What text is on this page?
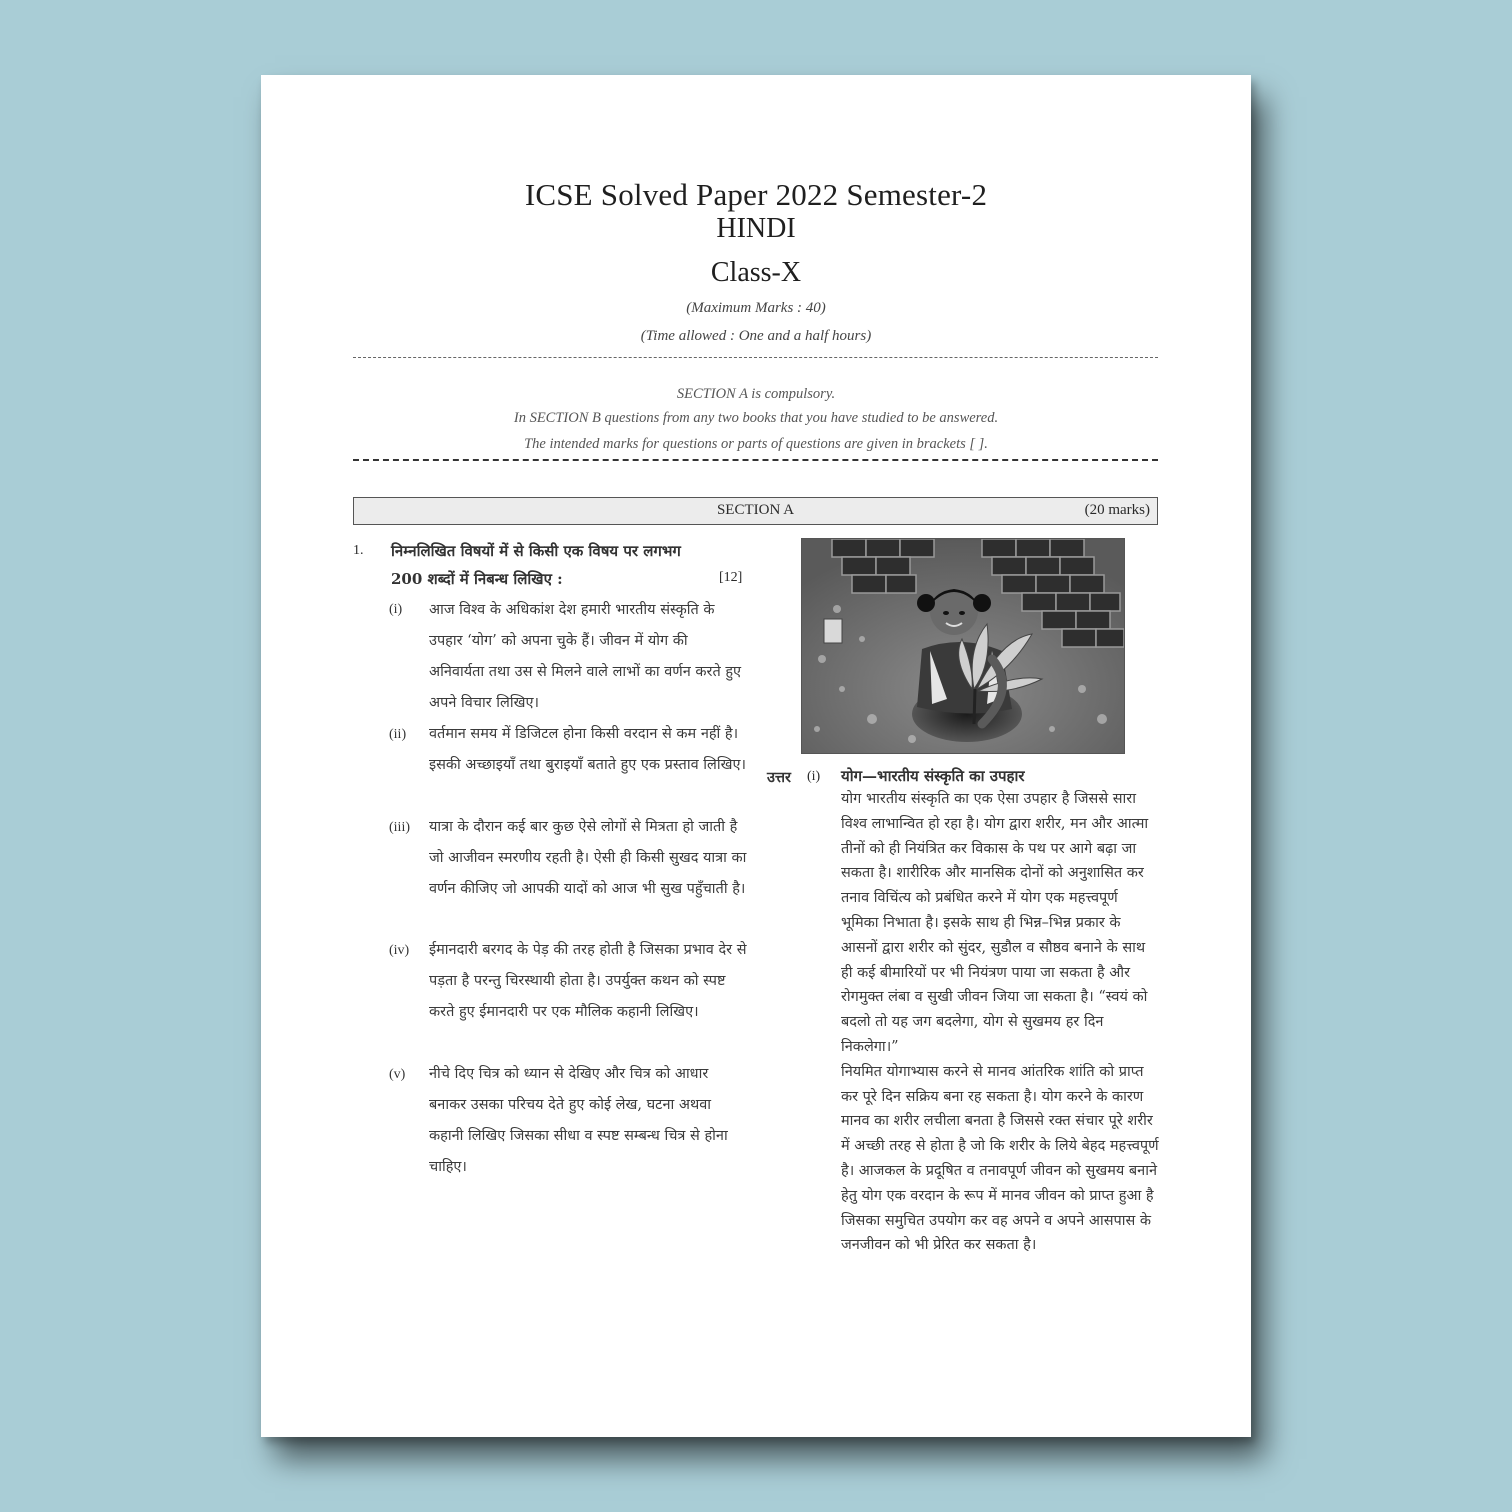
ICSE Solved Paper 2022 Semester-2
HINDI
Class-X
(Maximum Marks : 40)
(Time allowed : One and a half hours)
SECTION A is compulsory.
In SECTION B questions from any two books that you have studied to be answered.
The intended marks for questions or parts of questions are given in brackets [ ].
SECTION A	(20 marks)
1. निम्नलिखित विषयों में से किसी एक विषय पर लगभग
200 शब्दों में निबन्ध लिखिए :	[12]
(i) आज विश्व के अधिकांश देश हमारी भारतीय संस्कृति के उपहार ‘योग’ को अपना चुके हैं। जीवन में योग की अनिवार्यता तथा उस से मिलने वाले लाभों का वर्णन करते हुए अपने विचार लिखिए।

(ii) वर्तमान समय में डिजिटल होना किसी वरदान से कम नहीं है। इसकी अच्छाइयाँ तथा बुराइयाँ बताते हुए एक प्रस्ताव लिखिए।

(iii) यात्रा के दौरान कई बार कुछ ऐसे लोगों से मित्रता हो जाती है जो आजीवन स्मरणीय रहती है। ऐसी ही किसी सुखद यात्रा का वर्णन कीजिए जो आपकी यादों को आज भी सुख पहुँचाती है।

(iv) ईमानदारी बरगद के पेड़ की तरह होती है जिसका प्रभाव देर से पड़ता है परन्तु चिरस्थायी होता है। उपर्युक्त कथन को स्पष्ट करते हुए ईमानदारी पर एक मौलिक कहानी लिखिए।

(v) नीचे दिए चित्र को ध्यान से देखिए और चित्र को आधार बनाकर उसका परिचय देते हुए कोई लेख, घटना अथवा कहानी लिखिए जिसका सीधा व स्पष्ट सम्बन्ध चित्र से होना चाहिए।

उत्तर (i) योग—भारतीय संस्कृति का उपहार

योग भारतीय संस्कृति का एक ऐसा उपहार है जिससे सारा विश्व लाभान्वित हो रहा है। योग द्वारा शरीर, मन और आत्मा तीनों को ही नियंत्रित कर विकास के पथ पर आगे बढ़ा जा सकता है। शारीरिक और मानसिक दोनों को अनुशासित कर तनाव विचिंत्य को प्रबंधित करने में योग एक महत्त्वपूर्ण भूमिका निभाता है। इसके साथ ही भिन्न–भिन्न प्रकार के आसनों द्वारा शरीर को सुंदर, सुडौल व सौष्ठव बनाने के साथ ही कई बीमारियों पर भी नियंत्रण पाया जा सकता है और रोगमुक्त लंबा व सुखी जीवन जिया जा सकता है। “स्वयं को बदलो तो यह जग बदलेगा, योग से सुखमय हर दिन निकलेगा।”

नियमित योगाभ्यास करने से मानव आंतरिक शांति को प्राप्त कर पूरे दिन सक्रिय बना रह सकता है। योग करने के कारण मानव का शरीर लचीला बनता है जिससे रक्त संचार पूरे शरीर में अच्छी तरह से होता है जो कि शरीर के लिये बेहद महत्त्वपूर्ण है। आजकल के प्रदूषित व तनावपूर्ण जीवन को सुखमय बनाने हेतु योग एक वरदान के रूप में मानव जीवन को प्राप्त हुआ है जिसका समुचित उपयोग कर वह अपने व अपने आसपास के जनजीवन को भी प्रेरित कर सकता है।
